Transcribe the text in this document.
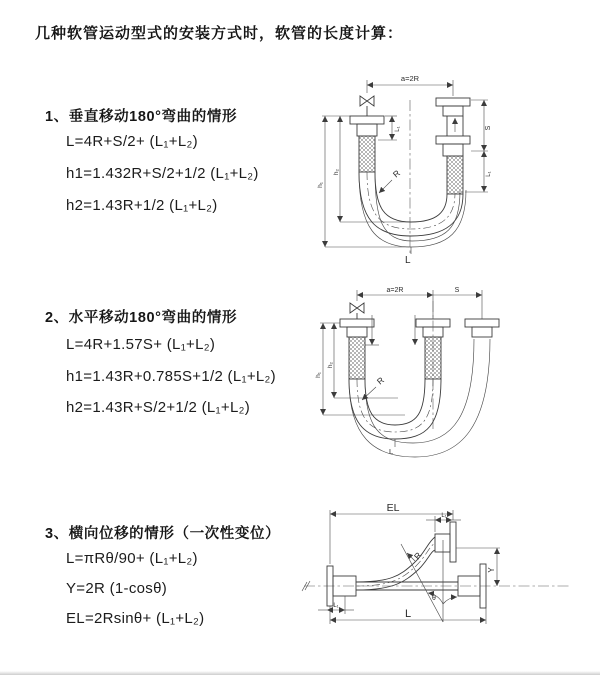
几种软管运动型式的安装方式时，软管的长度计算：
1、垂直移动180°弯曲的情形
L=4R+S/2+ (L₁+L₂)
h1=1.432R+S/2+1/2 (L₁+L₂)
h2=1.43R+1/2 (L₁+L₂)
a=2R
S
L₁
L₁
h₂
h₁
R
L
2、水平移动180°弯曲的情形
L=4R+1.57S+ (L₁+L₂)
h1=1.43R+0.785S+1/2 (L₁+L₂)
h2=1.43R+S/2+1/2 (L₁+L₂)
a=2R	S
h₁
h₂
R
L
3、横向位移的情形（一次性变位）
L=πRθ/90+ (L₁+L₂)
Y=2R (1-cosθ)
EL=2Rsinθ+ (L₁+L₂)
θ
R
EL
L₁
Y
L₁
L
